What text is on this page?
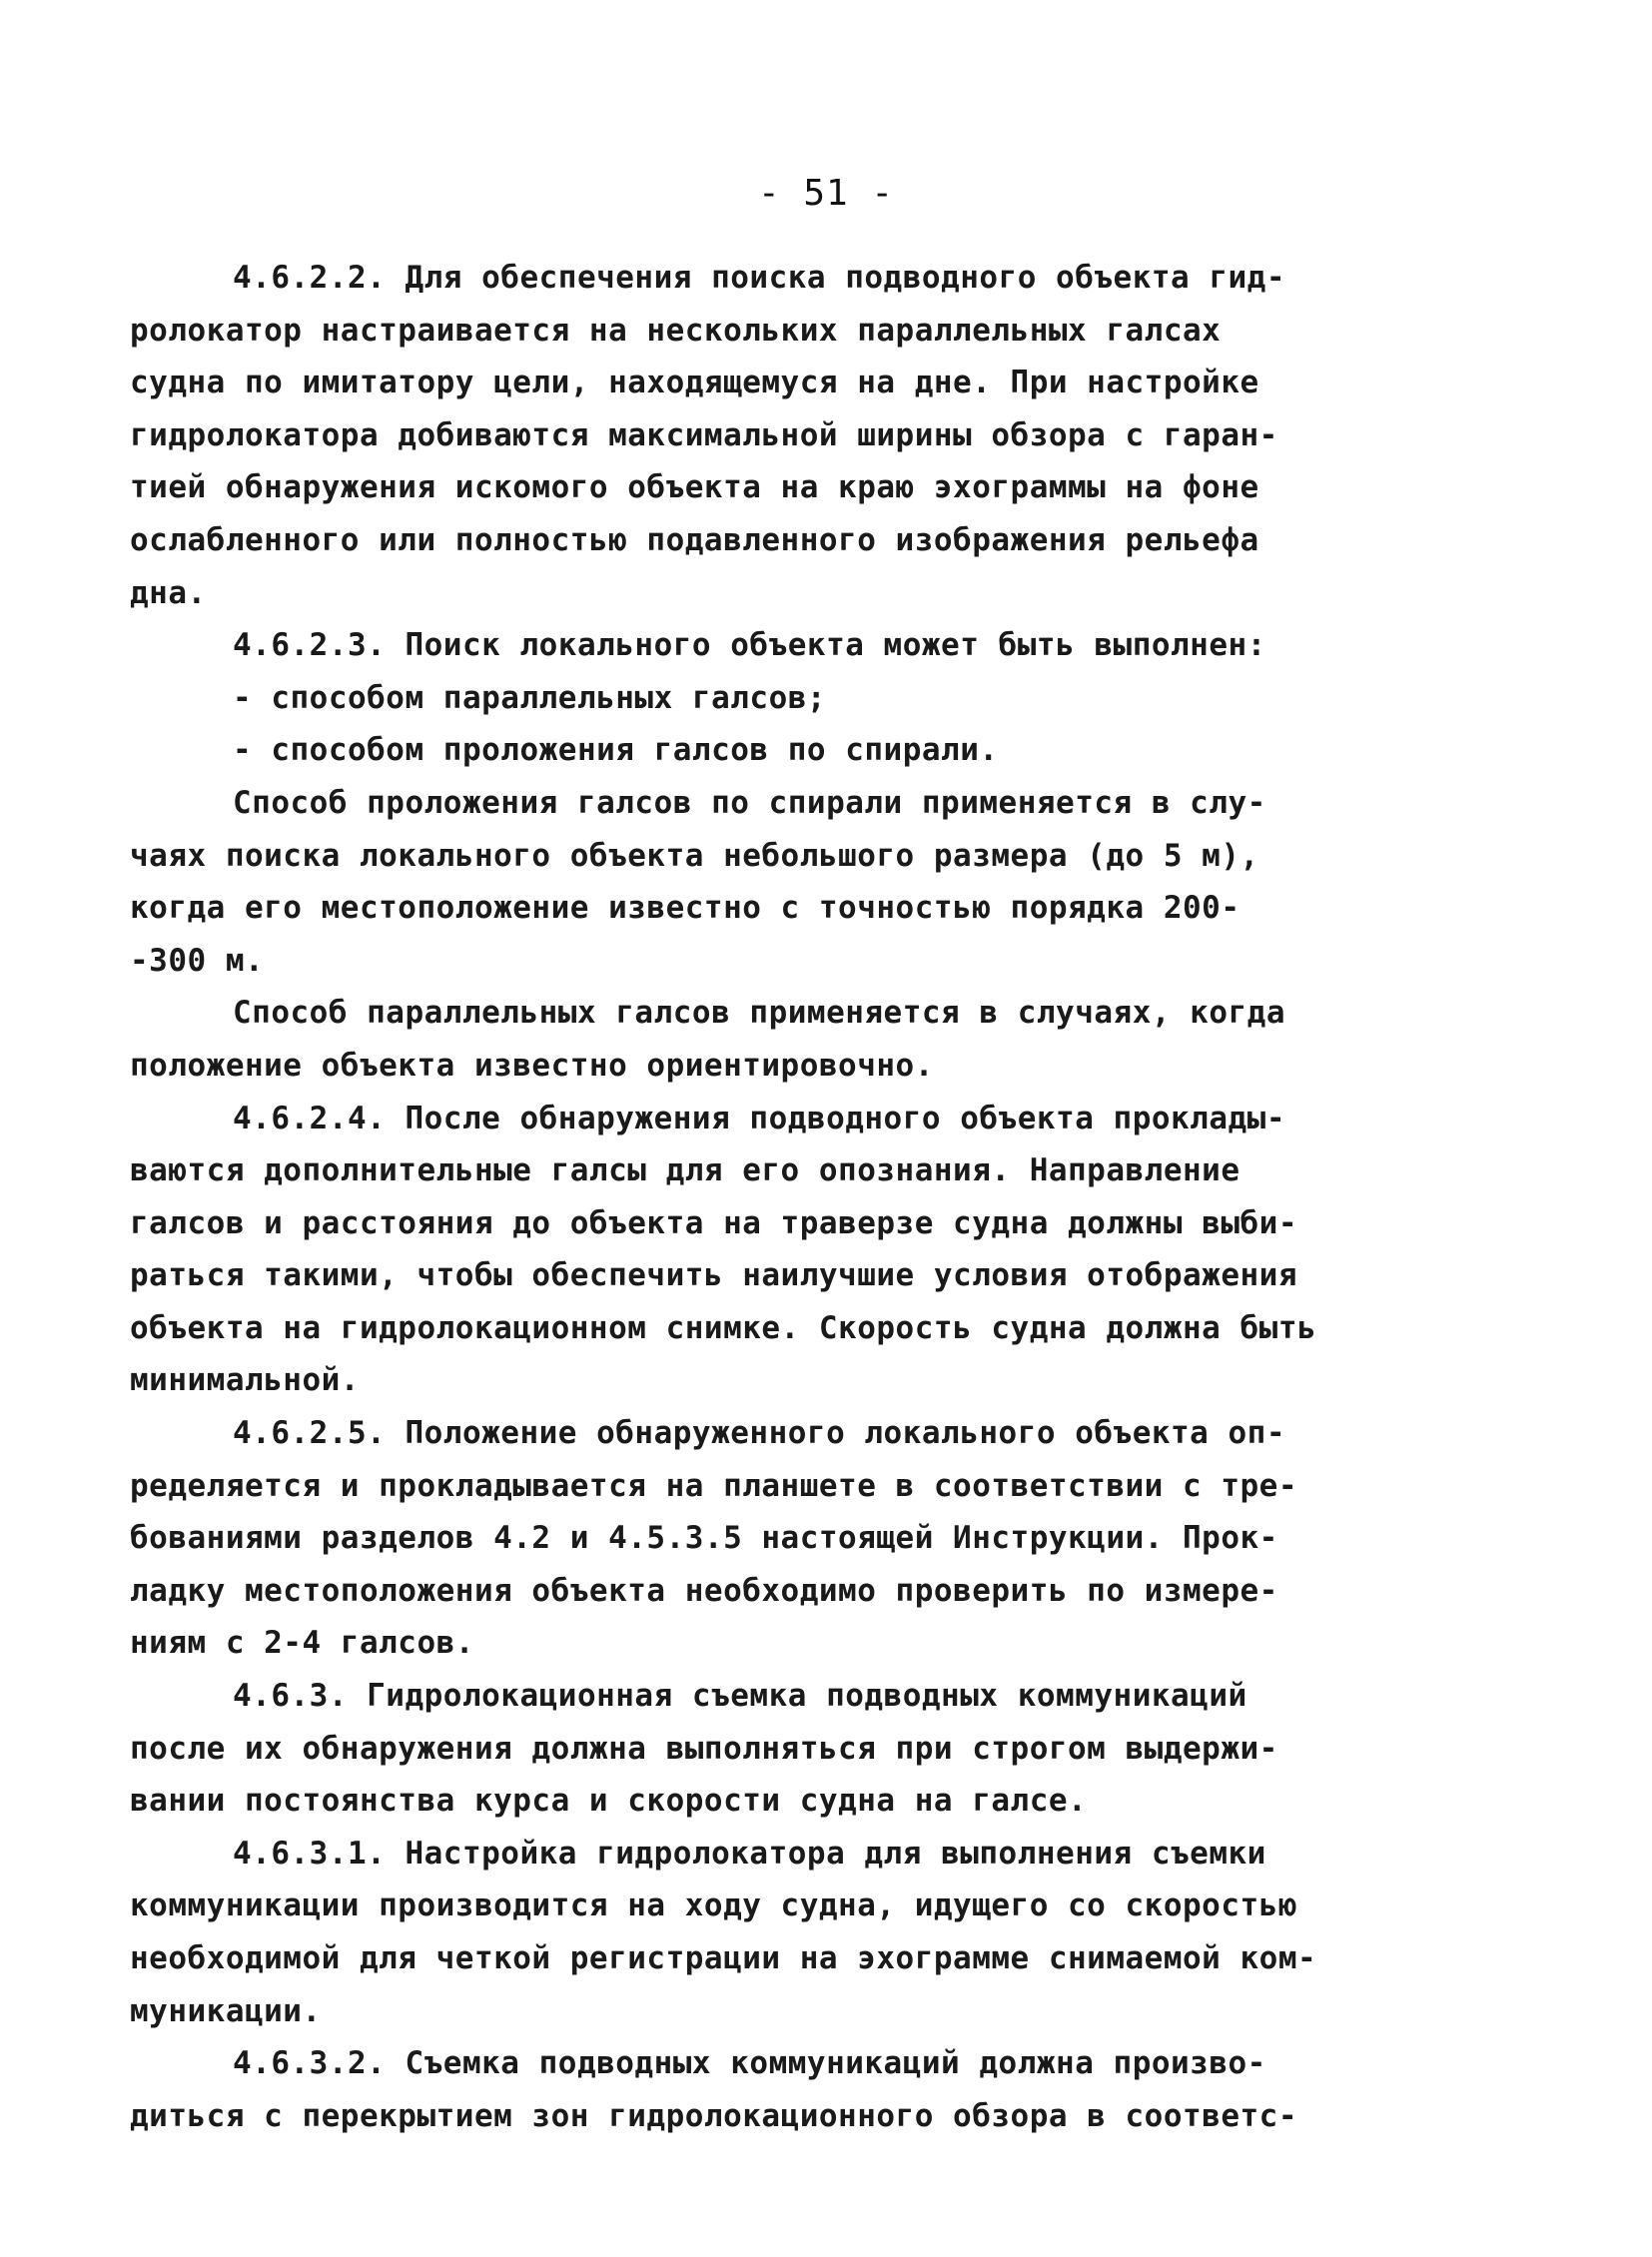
- 51 -
4.6.2.2. Для обеспечения поиска подводного объекта гид-
ролокатор настраивается на нескольких параллельных галсах
судна по имитатору цели, находящемуся на дне. При настройке
гидролокатора добиваются максимальной ширины обзора с гаран-
тией обнаружения искомого объекта на краю эхограммы на фоне
ослабленного или полностью подавленного изображения рельефа
дна.
4.6.2.3. Поиск локального объекта может быть выполнен:
- способом параллельных галсов;
- способом проложения галсов по спирали.
Способ проложения галсов по спирали применяется в слу-
чаях поиска локального объекта небольшого размера (до 5 м),
когда его местоположение известно с точностью порядка 200-
-300 м.
Способ параллельных галсов применяется в случаях, когда
положение объекта известно ориентировочно.
4.6.2.4. После обнаружения подводного объекта проклады-
ваются дополнительные галсы для его опознания. Направление
галсов и расстояния до объекта на траверзе судна должны выби-
раться такими, чтобы обеспечить наилучшие условия отображения
объекта на гидролокационном снимке. Скорость судна должна быть
минимальной.
4.6.2.5. Положение обнаруженного локального объекта оп-
ределяется и прокладывается на планшете в соответствии с тре-
бованиями разделов 4.2 и 4.5.3.5 настоящей Инструкции. Прок-
ладку местоположения объекта необходимо проверить по измере-
ниям с 2-4 галсов.
4.6.3. Гидролокационная съемка подводных коммуникаций
после их обнаружения должна выполняться при строгом выдержи-
вании постоянства курса и скорости судна на галсе.
4.6.3.1. Настройка гидролокатора для выполнения съемки
коммуникации производится на ходу судна, идущего со скоростью
необходимой для четкой регистрации на эхограмме снимаемой ком-
муникации.
4.6.3.2. Съемка подводных коммуникаций должна произво-
диться с перекрытием зон гидролокационного обзора в соответс-
